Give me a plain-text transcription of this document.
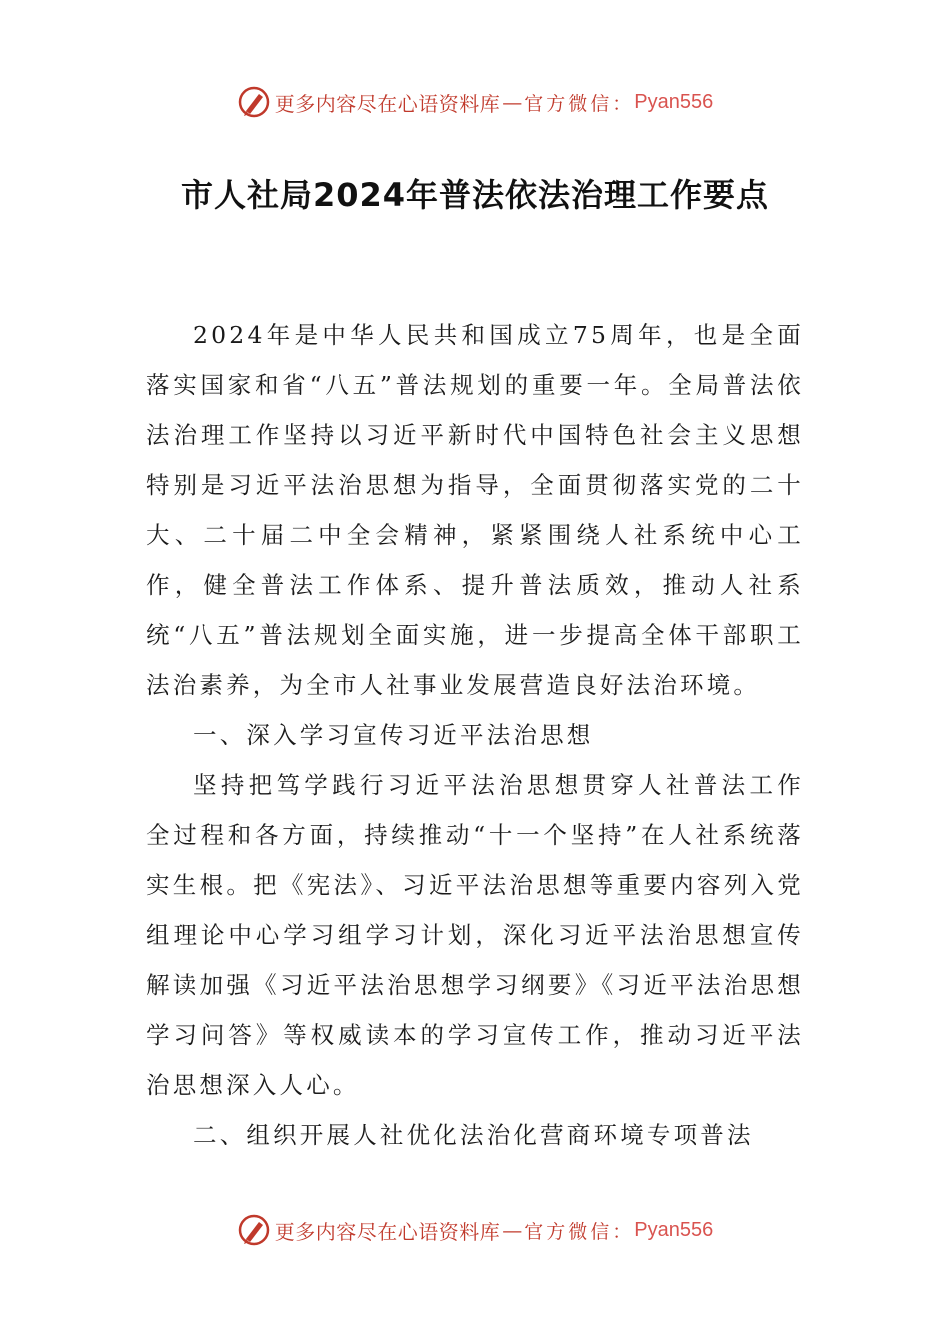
更多内容尽在心语资料库 — 官方微信： Pyan556
市人社局2024年普法依法治理工作要点

2024年是中华人民共和国成立75周年，也是全面落实国家和省“八五”普法规划的重要一年。全局普法依法治理工作坚持以习近平新时代中国特色社会主义思想特别是习近平法治思想为指导，全面贯彻落实党的二十大、二十届二中全会精神，紧紧围绕人社系统中心工作，健全普法工作体系、提升普法质效，推动人社系统“八五”普法规划全面实施，进一步提高全体干部职工法治素养，为全市人社事业发展营造良好法治环境。

一、深入学习宣传习近平法治思想

坚持把笃学践行习近平法治思想贯穿人社普法工作全过程和各方面，持续推动“十一个坚持”在人社系统落实生根。把《宪法》、习近平法治思想等重要内容列入党组理论中心学习组学习计划，深化习近平法治思想宣传解读加强《习近平法治思想学习纲要》《习近平法治思想学习问答》等权威读本的学习宣传工作，推动习近平法治思想深入人心。

二、组织开展人社优化法治化营商环境专项普法

更多内容尽在心语资料库 — 官方微信： Pyan556
